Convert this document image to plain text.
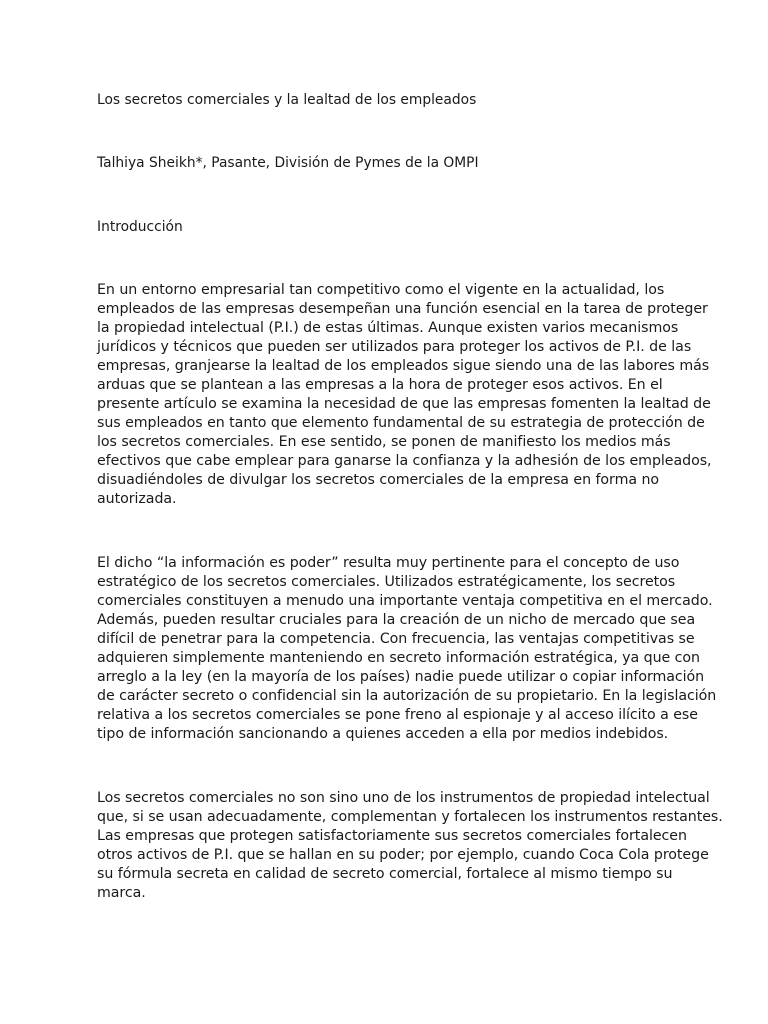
Los secretos comerciales y la lealtad de los empleados

Talhiya Sheikh*, Pasante, División de Pymes de la OMPI

Introducción
En un entorno empresarial tan competitivo como el vigente en la actualidad, los
empleados de las empresas desempeñan una función esencial en la tarea de proteger
la propiedad intelectual (P.I.) de estas últimas. Aunque existen varios mecanismos
jurídicos y técnicos que pueden ser utilizados para proteger los activos de P.I. de las
empresas, granjearse la lealtad de los empleados sigue siendo una de las labores más
arduas que se plantean a las empresas a la hora de proteger esos activos. En el
presente artículo se examina la necesidad de que las empresas fomenten la lealtad de
sus empleados en tanto que elemento fundamental de su estrategia de protección de
los secretos comerciales. En ese sentido, se ponen de manifiesto los medios más
efectivos que cabe emplear para ganarse la confianza y la adhesión de los empleados,
disuadiéndoles de divulgar los secretos comerciales de la empresa en forma no
autorizada.
El dicho “la información es poder” resulta muy pertinente para el concepto de uso
estratégico de los secretos comerciales. Utilizados estratégicamente, los secretos
comerciales constituyen a menudo una importante ventaja competitiva en el mercado.
Además, pueden resultar cruciales para la creación de un nicho de mercado que sea
difícil de penetrar para la competencia. Con frecuencia, las ventajas competitivas se
adquieren simplemente manteniendo en secreto información estratégica, ya que con
arreglo a la ley (en la mayoría de los países) nadie puede utilizar o copiar información
de carácter secreto o confidencial sin la autorización de su propietario. En la legislación
relativa a los secretos comerciales se pone freno al espionaje y al acceso ilícito a ese
tipo de información sancionando a quienes acceden a ella por medios indebidos.
Los secretos comerciales no son sino uno de los instrumentos de propiedad intelectual
que, si se usan adecuadamente, complementan y fortalecen los instrumentos restantes.
Las empresas que protegen satisfactoriamente sus secretos comerciales fortalecen
otros activos de P.I. que se hallan en su poder; por ejemplo, cuando Coca Cola protege
su fórmula secreta en calidad de secreto comercial, fortalece al mismo tiempo su
marca.
